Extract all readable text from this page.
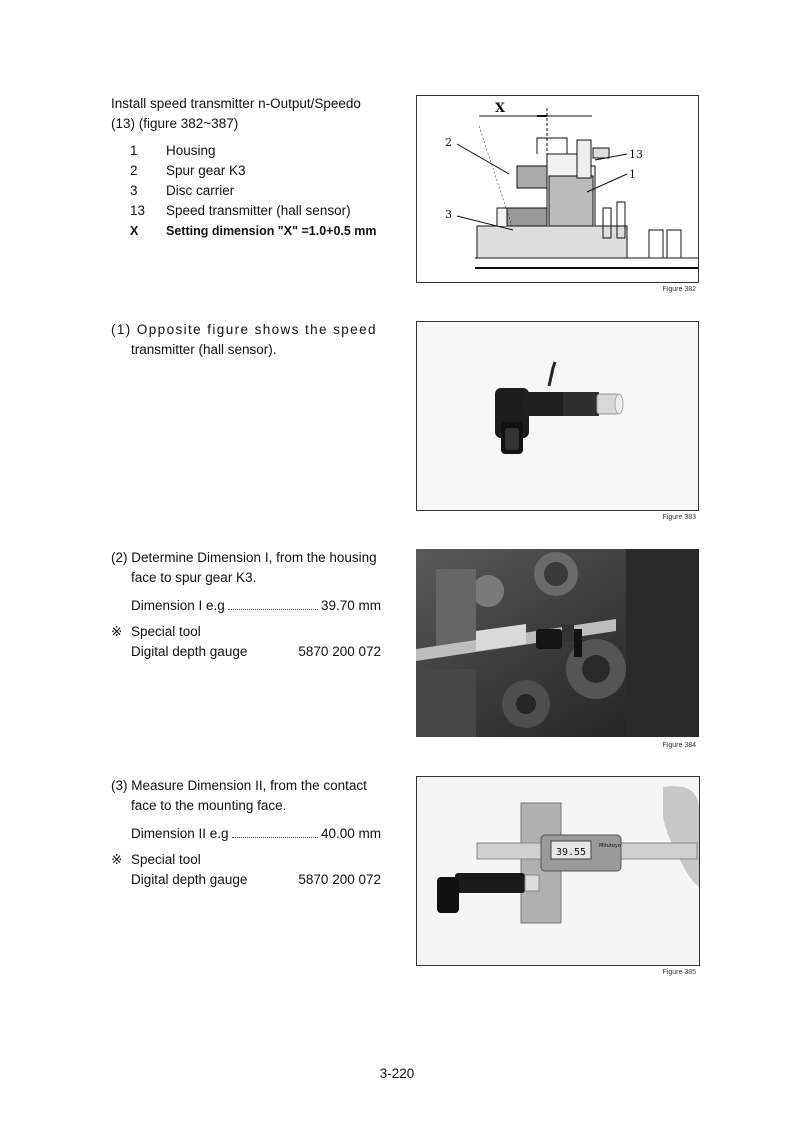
Install speed transmitter n-Output/Speedo
(13) (figure 382~387)
1	Housing
2	Spur gear K3
3	Disc carrier
13	Speed transmitter (hall sensor)
X	Setting dimension "X" =1.0+0.5 mm
X
2
13
1
3
Figure 382
(1) Opposite figure shows the speed
transmitter (hall sensor).
Figure 383
(2) Determine Dimension I, from the housing
face to spur gear K3.
Dimension I e.g	39.70 mm
※ Special tool
Digital depth gauge	5870 200 072
Figure 384
(3) Measure Dimension II, from the contact
face to the mounting face.
Dimension II e.g	40.00 mm
※ Special tool
Digital depth gauge	5870 200 072
39.55
Mitutoyo
Figure 385
3-220
